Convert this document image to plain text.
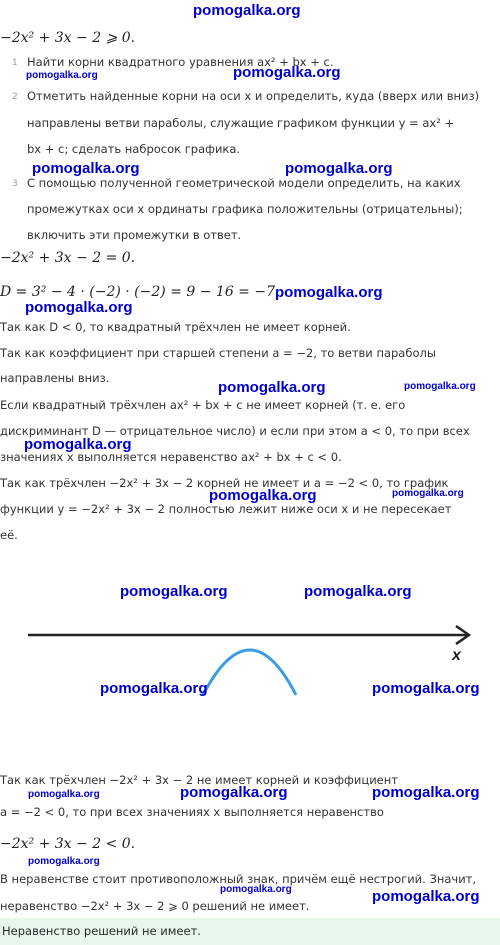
pomogalka.org
−2x² + 3x − 2 ⩾ 0.
1 Найти корни квадратного уравнения ax² + bx + c.
2 Отметить найденные корни на оси x и определить, куда (вверх или вниз)
направлены ветви параболы, служащие графиком функции y = ax² +
bx + c; сделать набросок графика.
3 С помощью полученной геометрической модели определить, на каких
промежутках оси x ординаты графика положительны (отрицательны);
включить эти промежутки в ответ.
−2x² + 3x − 2 = 0.
D = 3² − 4 · (−2) · (−2) = 9 − 16 = −7.
Так как D < 0, то квадратный трёхчлен не имеет корней.
Так как коэффициент при старшей степени a = −2, то ветви параболы
направлены вниз.
Если квадратный трёхчлен ax² + bx + c не имеет корней (т. е. его
дискриминант D — отрицательное число) и если при этом a < 0, то при всех
значениях x выполняется неравенство ax² + bx + c < 0.
Так как трёхчлен −2x² + 3x − 2 корней не имеет и a = −2 < 0, то график
функции y = −2x² + 3x − 2 полностью лежит ниже оси x и не пересекает
её.
x
Так как трёхчлен −2x² + 3x − 2 не имеет корней и коэффициент
a = −2 < 0, то при всех значениях x выполняется неравенство
−2x² + 3x − 2 < 0.
В неравенстве стоит противоположный знак, причём ещё нестрогий. Значит,
неравенство −2x² + 3x − 2 ⩾ 0 решений не имеет.
Неравенство решений не имеет.
pomogalka.org	pomogalka.org
pomogalka.org	pomogalka.org
pomogalka.org
pomogalka.org
pomogalka.org	pomogalka.org
pomogalka.org
pomogalka.org	pomogalka.org
pomogalka.org	pomogalka.org
pomogalka.org	pomogalka.org
pomogalka.org	pomogalka.org	pomogalka.org
pomogalka.org
pomogalka.org	pomogalka.org
